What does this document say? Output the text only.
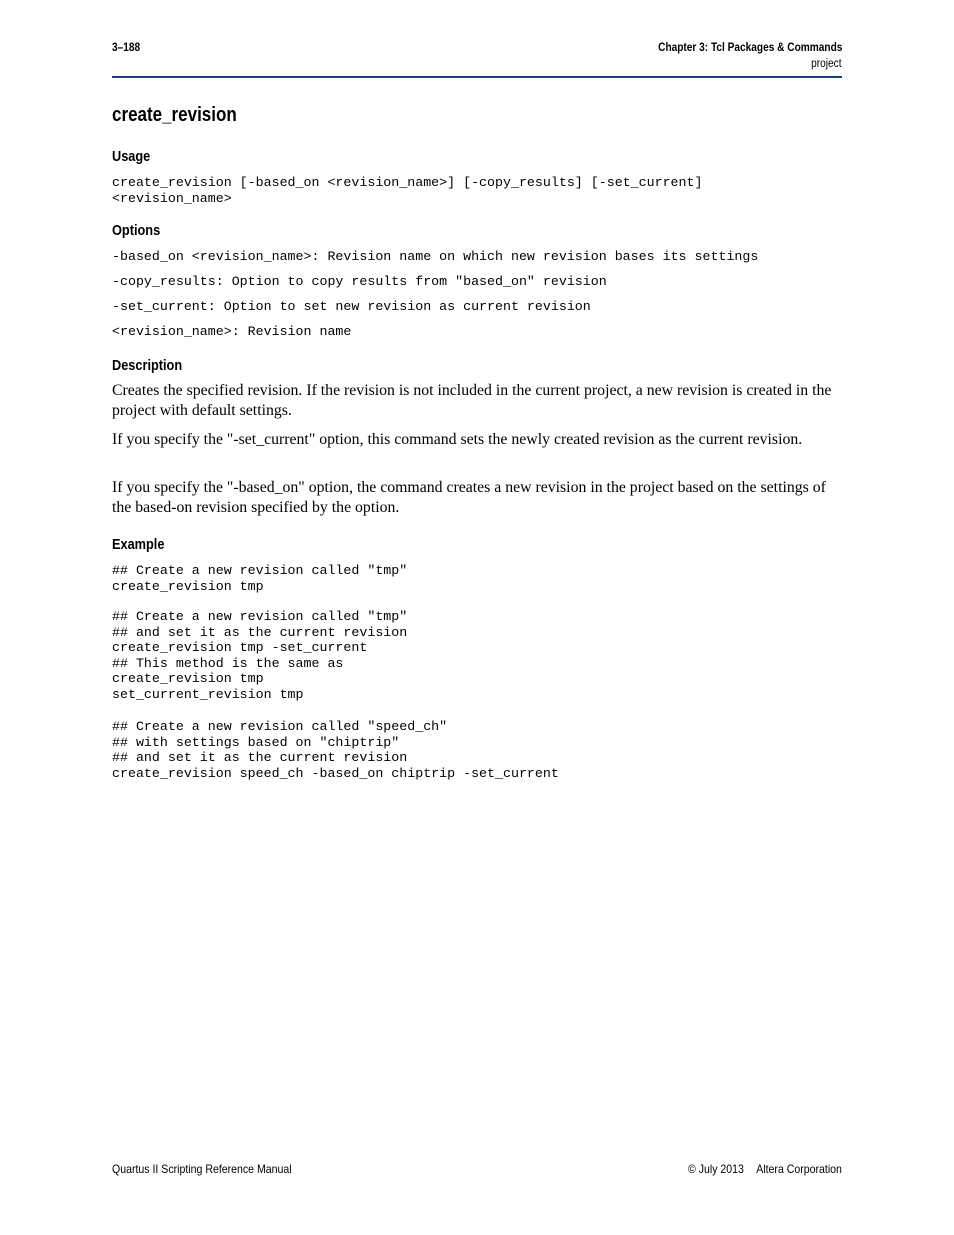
3–188	Chapter 3: Tcl Packages & Commands
project
create_revision
Usage
create_revision [-based_on <revision_name>] [-copy_results] [-set_current]
<revision_name>
Options
-based_on <revision_name>: Revision name on which new revision bases its settings
-copy_results: Option to copy results from "based_on" revision
-set_current: Option to set new revision as current revision
<revision_name>: Revision name
Description

Creates the specified revision. If the revision is not included in the current project, a new revision is created in the project with default settings.

If you specify the "-set_current" option, this command sets the newly created revision as the current revision.

If you specify the "-based_on" option, the command creates a new revision in the project based on the settings of the based-on revision specified by the option.

Example
## Create a new revision called "tmp"
create_revision tmp
## Create a new revision called "tmp"
## and set it as the current revision
create_revision tmp -set_current
## This method is the same as
create_revision tmp
set_current_revision tmp
## Create a new revision called "speed_ch"
## with settings based on "chiptrip"
## and set it as the current revision
create_revision speed_ch -based_on chiptrip -set_current
Quartus II Scripting Reference Manual	© July 2013 Altera Corporation
